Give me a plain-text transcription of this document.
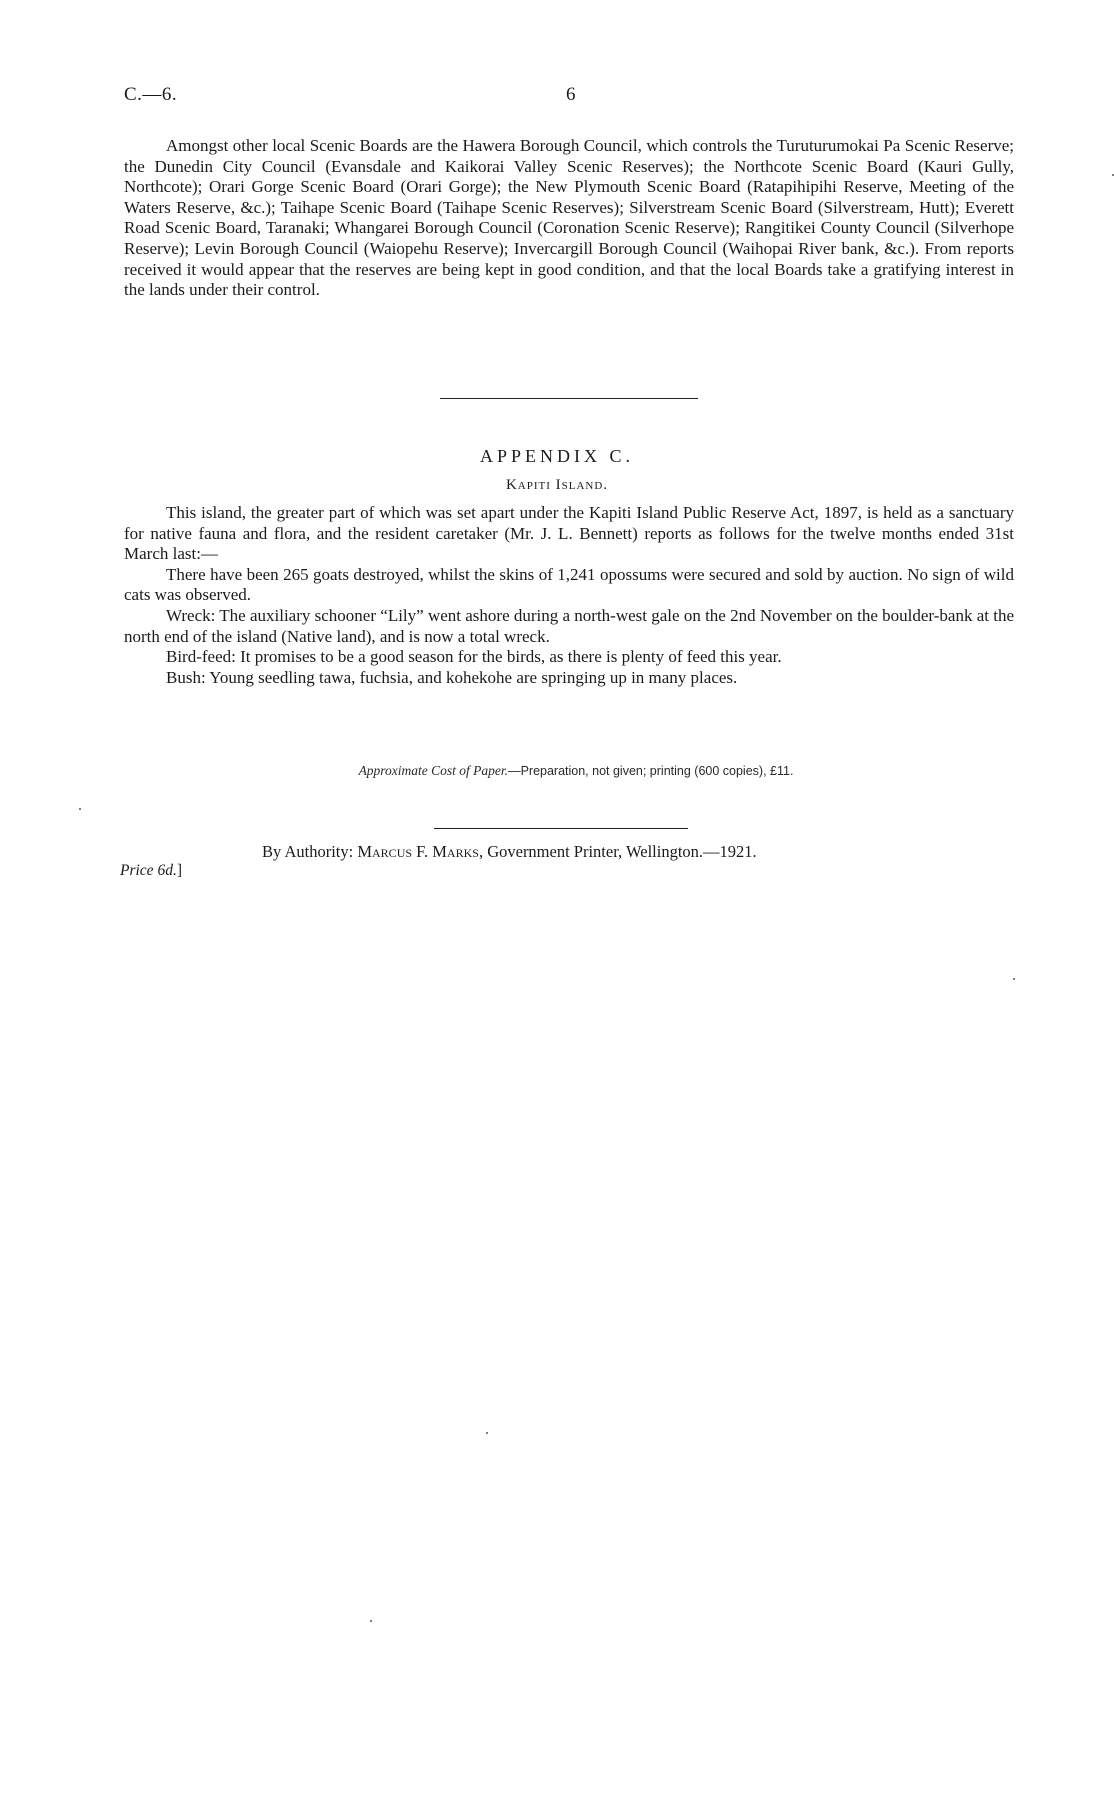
C.—6.	6

Amongst other local Scenic Boards are the Hawera Borough Council, which controls the Turuturumokai Pa Scenic Reserve; the Dunedin City Council (Evansdale and Kaikorai Valley Scenic Reserves); the Northcote Scenic Board (Kauri Gully, Northcote); Orari Gorge Scenic Board (Orari Gorge); the New Plymouth Scenic Board (Ratapihipihi Reserve, Meeting of the Waters Reserve, &c.); Taihape Scenic Board (Taihape Scenic Reserves); Silverstream Scenic Board (Silverstream, Hutt); Everett Road Scenic Board, Taranaki; Whangarei Borough Council (Coronation Scenic Reserve); Rangitikei County Council (Silverhope Reserve); Levin Borough Council (Waiopehu Reserve); Invercargill Borough Council (Waihopai River bank, &c.). From reports received it would appear that the reserves are being kept in good condition, and that the local Boards take a gratifying interest in the lands under their control.

APPENDIX C.
Kapiti Island.

This island, the greater part of which was set apart under the Kapiti Island Public Reserve Act, 1897, is held as a sanctuary for native fauna and flora, and the resident caretaker (Mr. J. L. Bennett) reports as follows for the twelve months ended 31st March last:—

There have been 265 goats destroyed, whilst the skins of 1,241 opossums were secured and sold by auction. No sign of wild cats was observed.

Wreck: The auxiliary schooner “Lily” went ashore during a north-west gale on the 2nd November on the boulder-bank at the north end of the island (Native land), and is now a total wreck.

Bird-feed: It promises to be a good season for the birds, as there is plenty of feed this year.

Bush: Young seedling tawa, fuchsia, and kohekohe are springing up in many places.

Approximate Cost of Paper.—Preparation, not given; printing (600 copies), £11.
By Authority: Marcus F. Marks, Government Printer, Wellington.—1921.
Price 6d.]
